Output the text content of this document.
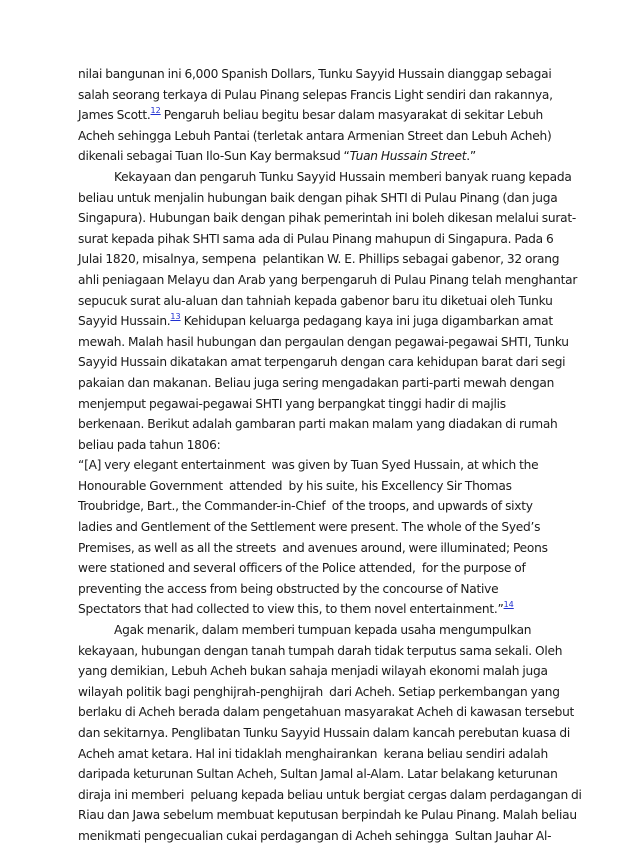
nilai bangunan ini 6,000 Spanish Dollars, Tunku Sayyid Hussain dianggap sebagai
salah seorang terkaya di Pulau Pinang selepas Francis Light sendiri dan rakannya,
James Scott.$^{12}$ Pengaruh beliau begitu besar dalam masyarakat di sekitar Lebuh
Acheh sehingga Lebuh Pantai (terletak antara Armenian Street dan Lebuh Acheh)
dikenali sebagai Tuan Ilo-Sun Kay bermaksud “Tuan Hussain Street.”
Kekayaan dan pengaruh Tunku Sayyid Hussain memberi banyak ruang kepada
beliau untuk menjalin hubungan baik dengan pihak SHTI di Pulau Pinang (dan juga
Singapura). Hubungan baik dengan pihak pemerintah ini boleh dikesan melalui surat-
surat kepada pihak SHTI sama ada di Pulau Pinang mahupun di Singapura. Pada 6
Julai 1820, misalnya, sempena  pelantikan W. E. Phillips sebagai gabenor, 32 orang
ahli peniagaan Melayu dan Arab yang berpengaruh di Pulau Pinang telah menghantar
sepucuk surat alu-aluan dan tahniah kepada gabenor baru itu diketuai oleh Tunku
Sayyid Hussain.$^{13}$ Kehidupan keluarga pedagang kaya ini juga digambarkan amat
mewah. Malah hasil hubungan dan pergaulan dengan pegawai-pegawai SHTI, Tunku
Sayyid Hussain dikatakan amat terpengaruh dengan cara kehidupan barat dari segi
pakaian dan makanan. Beliau juga sering mengadakan parti-parti mewah dengan
menjemput pegawai-pegawai SHTI yang berpangkat tinggi hadir di majlis
berkenaan. Berikut adalah gambaran parti makan malam yang diadakan di rumah
beliau pada tahun 1806:
“[A] very elegant entertainment  was given by Tuan Syed Hussain, at which the
Honourable Government  attended  by his suite, his Excellency Sir Thomas
Troubridge, Bart., the Commander-in-Chief  of the troops, and upwards of sixty
ladies and Gentlement of the Settlement were present. The whole of the Syed’s
Premises, as well as all the streets  and avenues around, were illuminated; Peons
were stationed and several officers of the Police attended,  for the purpose of
preventing the access from being obstructed by the concourse of Native
Spectators that had collected to view this, to them novel entertainment.”$^{14}$
Agak menarik, dalam memberi tumpuan kepada usaha mengumpulkan
kekayaan, hubungan dengan tanah tumpah darah tidak terputus sama sekali. Oleh
yang demikian, Lebuh Acheh bukan sahaja menjadi wilayah ekonomi malah juga
wilayah politik bagi penghijrah-penghijrah  dari Acheh. Setiap perkembangan yang
berlaku di Acheh berada dalam pengetahuan masyarakat Acheh di kawasan tersebut
dan sekitarnya. Penglibatan Tunku Sayyid Hussain dalam kancah perebutan kuasa di
Acheh amat ketara. Hal ini tidaklah menghairankan  kerana beliau sendiri adalah
daripada keturunan Sultan Acheh, Sultan Jamal al-Alam. Latar belakang keturunan
diraja ini memberi  peluang kepada beliau untuk bergiat cergas dalam perdagangan di
Riau dan Jawa sebelum membuat keputusan berpindah ke Pulau Pinang. Malah beliau
menikmati pengecualian cukai perdagangan di Acheh sehingga  Sultan Jauhar Al-
